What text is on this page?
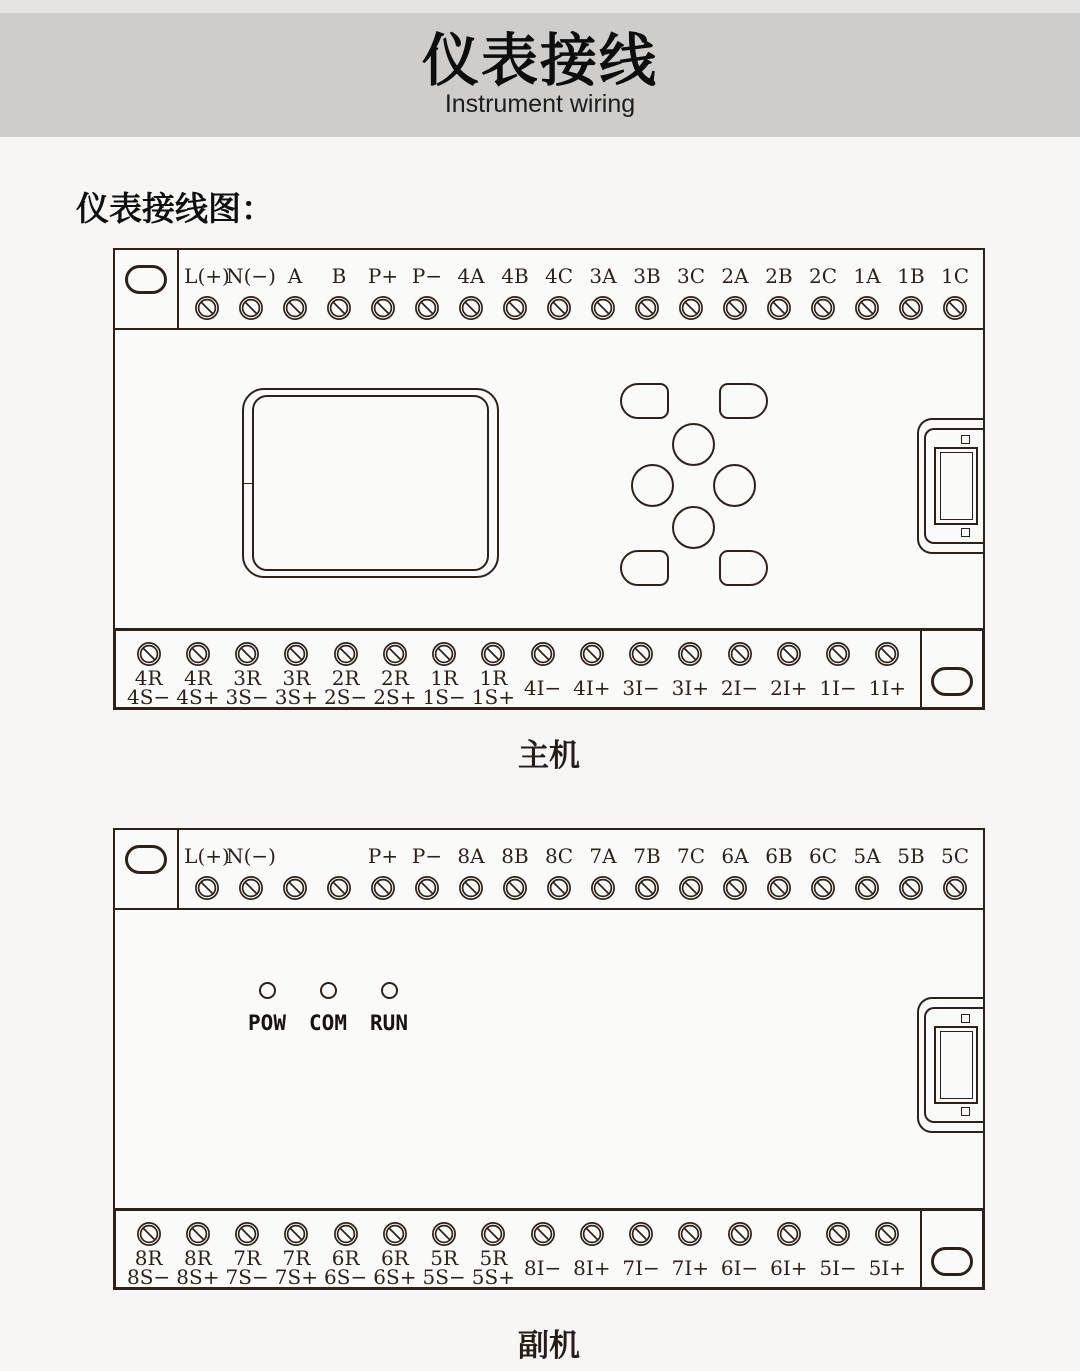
仪表接线
Instrument wiring
仪表接线图：
L(+)
N(−) A B P+ P− 4A 4B 4C 3A 3B 3C 2A 2B 2C 1A 1B 1C
4R
4S−
4R
4S+
3R
3S−
3R
3S+
2R
2S−
2R
2S+
1R
1S−
1R
1S+ 4I− 4I+ 3I− 3I+ 2I− 2I+ 1I− 1I+
主机
L(+)
N(−)	P+ P− 8A 8B 8C 7A 7B 7C 6A 6B 6C 5A 5B 5C
POW COM RUN
8R
8S−
8R
8S+
7R
7S−
7R
7S+
6R
6S−
6R
6S+
5R
5S−
5R
5S+ 8I− 8I+ 7I− 7I+ 6I− 6I+ 5I− 5I+
副机
